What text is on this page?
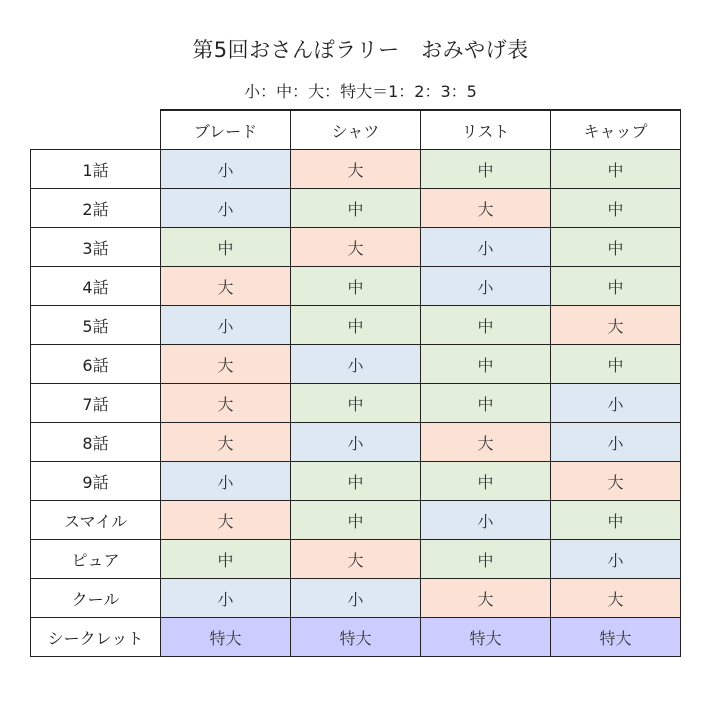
第5回おさんぽラリー　おみやげ表
小：中：大：特大＝1：2：3：5
	ブレード	シャツ	リスト	キャップ
1話	小	大	中	中
2話	小	中	大	中
3話	中	大	小	中
4話	大	中	小	中
5話	小	中	中	大
6話	大	小	中	中
7話	大	中	中	小
8話	大	小	大	小
9話	小	中	中	大
スマイル	大	中	小	中
ピュア	中	大	中	小
クール	小	小	大	大
シークレット	特大	特大	特大	特大
